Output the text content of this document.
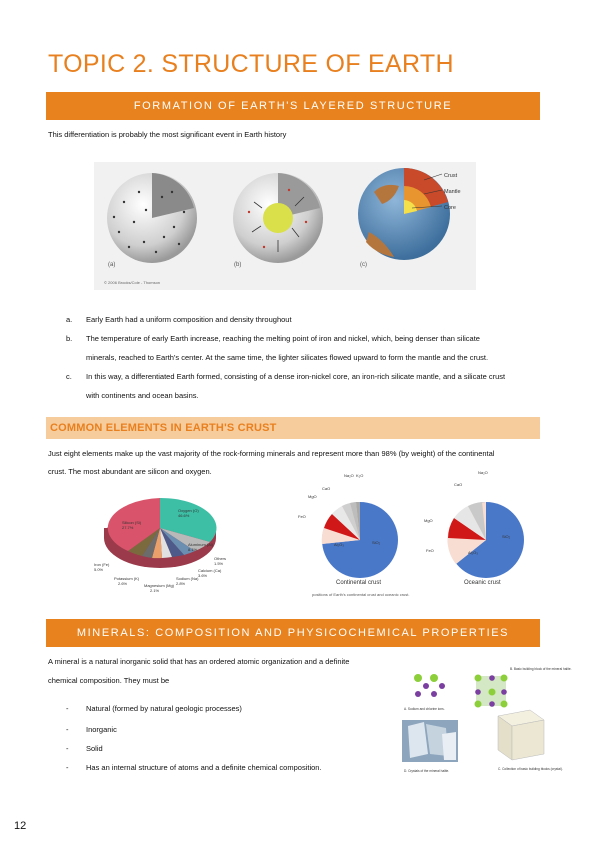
TOPIC 2. STRUCTURE OF EARTH
FORMATION OF EARTH'S LAYERED STRUCTURE
This differentiation is probably the most significant event in Earth history
(a)	(b)
Crust
Mantle
Core
(c)
© 2006 Brooks/Cole - Thomson
a. Early Earth had a uniform composition and density throughout
b. The temperature of early Earth increase, reaching the melting point of iron and nickel, which, being denser than silicate
minerals, reached to Earth's center. At the same time, the lighter silicates flowed upward to form the mantle and the crust.
c. In this way, a differentiated Earth formed, consisting of a dense iron-nickel core, an iron-rich silicate mantle, and a silicate crust
with continents and ocean basins.
COMMON ELEMENTS IN EARTH'S CRUST
Just eight elements make up the vast majority of the rock-forming minerals and represent more than 98% (by weight) of the continental
crust. The most abundant are silicon and oxygen.
Oxygen (O)
46.6%
Silicon (Si)
27.7%
Aluminum (Al)
8.1%
Others
1.5%
Calcium (Ca)
3.6%
Sodium (Na)
2.8%
Magnesium (Mg)
2.1%
Potassium (K)
2.6%
Iron (Fe)
5.0%
Na₂O K₂O
CaO
MgO
FeO
Al₂O₃	SiO₂
Continental crust
Na₂O
CaO
MgO
FeO	Al₂O₃
SiO₂
Oceanic crust
positions of Earth's continental crust and oceanic crust.
MINERALS: COMPOSITION AND PHYSICOCHEMICAL PROPERTIES
A mineral is a natural inorganic solid that has an ordered atomic organization and a definite
chemical composition. They must be
- Natural (formed by natural geologic processes)
- Inorganic
- Solid
- Has an internal structure of atoms and a definite chemical composition.
A. Sodium and chlorine ions.
B. Basic building block of the mineral halite.
C. Collection of basic building blocks (crystal).
D. Crystals of the mineral halite.
12
